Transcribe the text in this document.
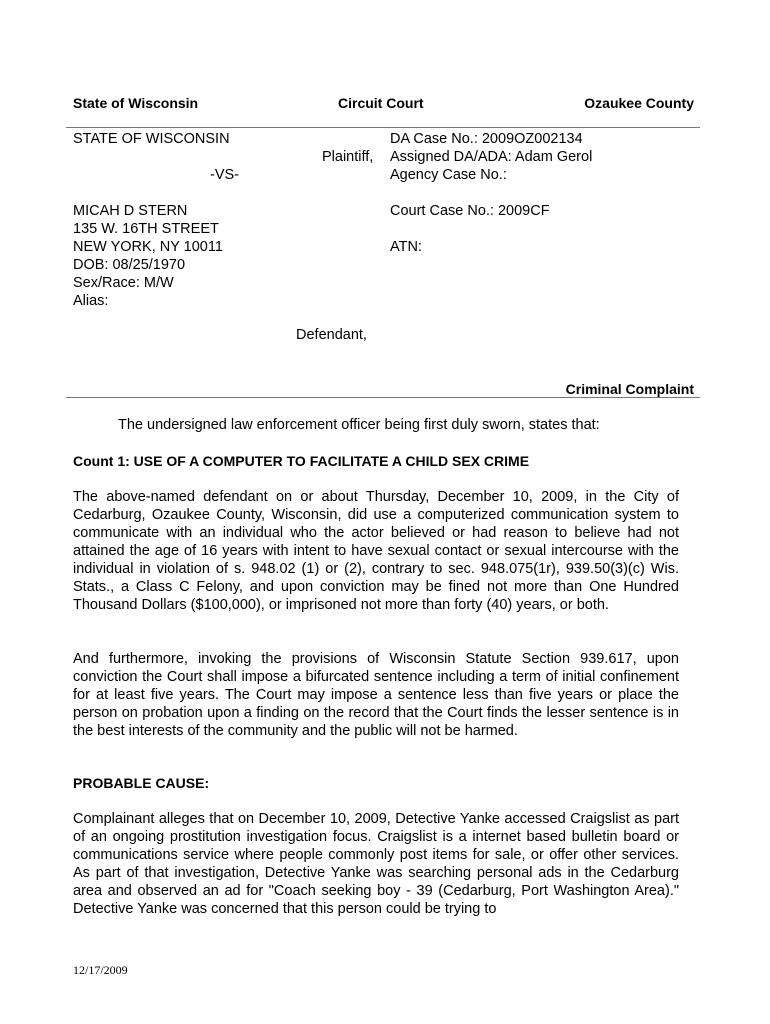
State of Wisconsin	Circuit Court	Ozaukee County
STATE OF WISCONSIN
-VS-
Plaintiff,
DA Case No.: 2009OZ002134
Assigned DA/ADA: Adam Gerol
Agency Case No.:
Court Case No.: 2009CF
ATN:
MICAH D STERN
135 W. 16TH STREET
NEW YORK, NY 10011
DOB: 08/25/1970
Sex/Race: M/W
Alias:
Defendant,
Criminal Complaint
The undersigned law enforcement officer being first duly sworn, states that:
Count 1: USE OF A COMPUTER TO FACILITATE A CHILD SEX CRIME
The above-named defendant on or about Thursday, December 10, 2009, in the City of Cedarburg, Ozaukee County, Wisconsin, did use a computerized communication system to communicate with an individual who the actor believed or had reason to believe had not attained the age of 16 years with intent to have sexual contact or sexual intercourse with the individual in violation of s. 948.02 (1) or (2), contrary to sec. 948.075(1r), 939.50(3)(c) Wis. Stats., a Class C Felony, and upon conviction may be fined not more than One Hundred Thousand Dollars ($100,000), or imprisoned not more than forty (40) years, or both.
And furthermore, invoking the provisions of Wisconsin Statute Section 939.617, upon conviction the Court shall impose a bifurcated sentence including a term of initial confinement for at least five years. The Court may impose a sentence less than five years or place the person on probation upon a finding on the record that the Court finds the lesser sentence is in the best interests of the community and the public will not be harmed.
PROBABLE CAUSE:
Complainant alleges that on December 10, 2009, Detective Yanke accessed Craigslist as part of an ongoing prostitution investigation focus. Craigslist is a internet based bulletin board or communications service where people commonly post items for sale, or offer other services. As part of that investigation, Detective Yanke was searching personal ads in the Cedarburg area and observed an ad for "Coach seeking boy - 39 (Cedarburg, Port Washington Area)." Detective Yanke was concerned that this person could be trying to
12/17/2009
